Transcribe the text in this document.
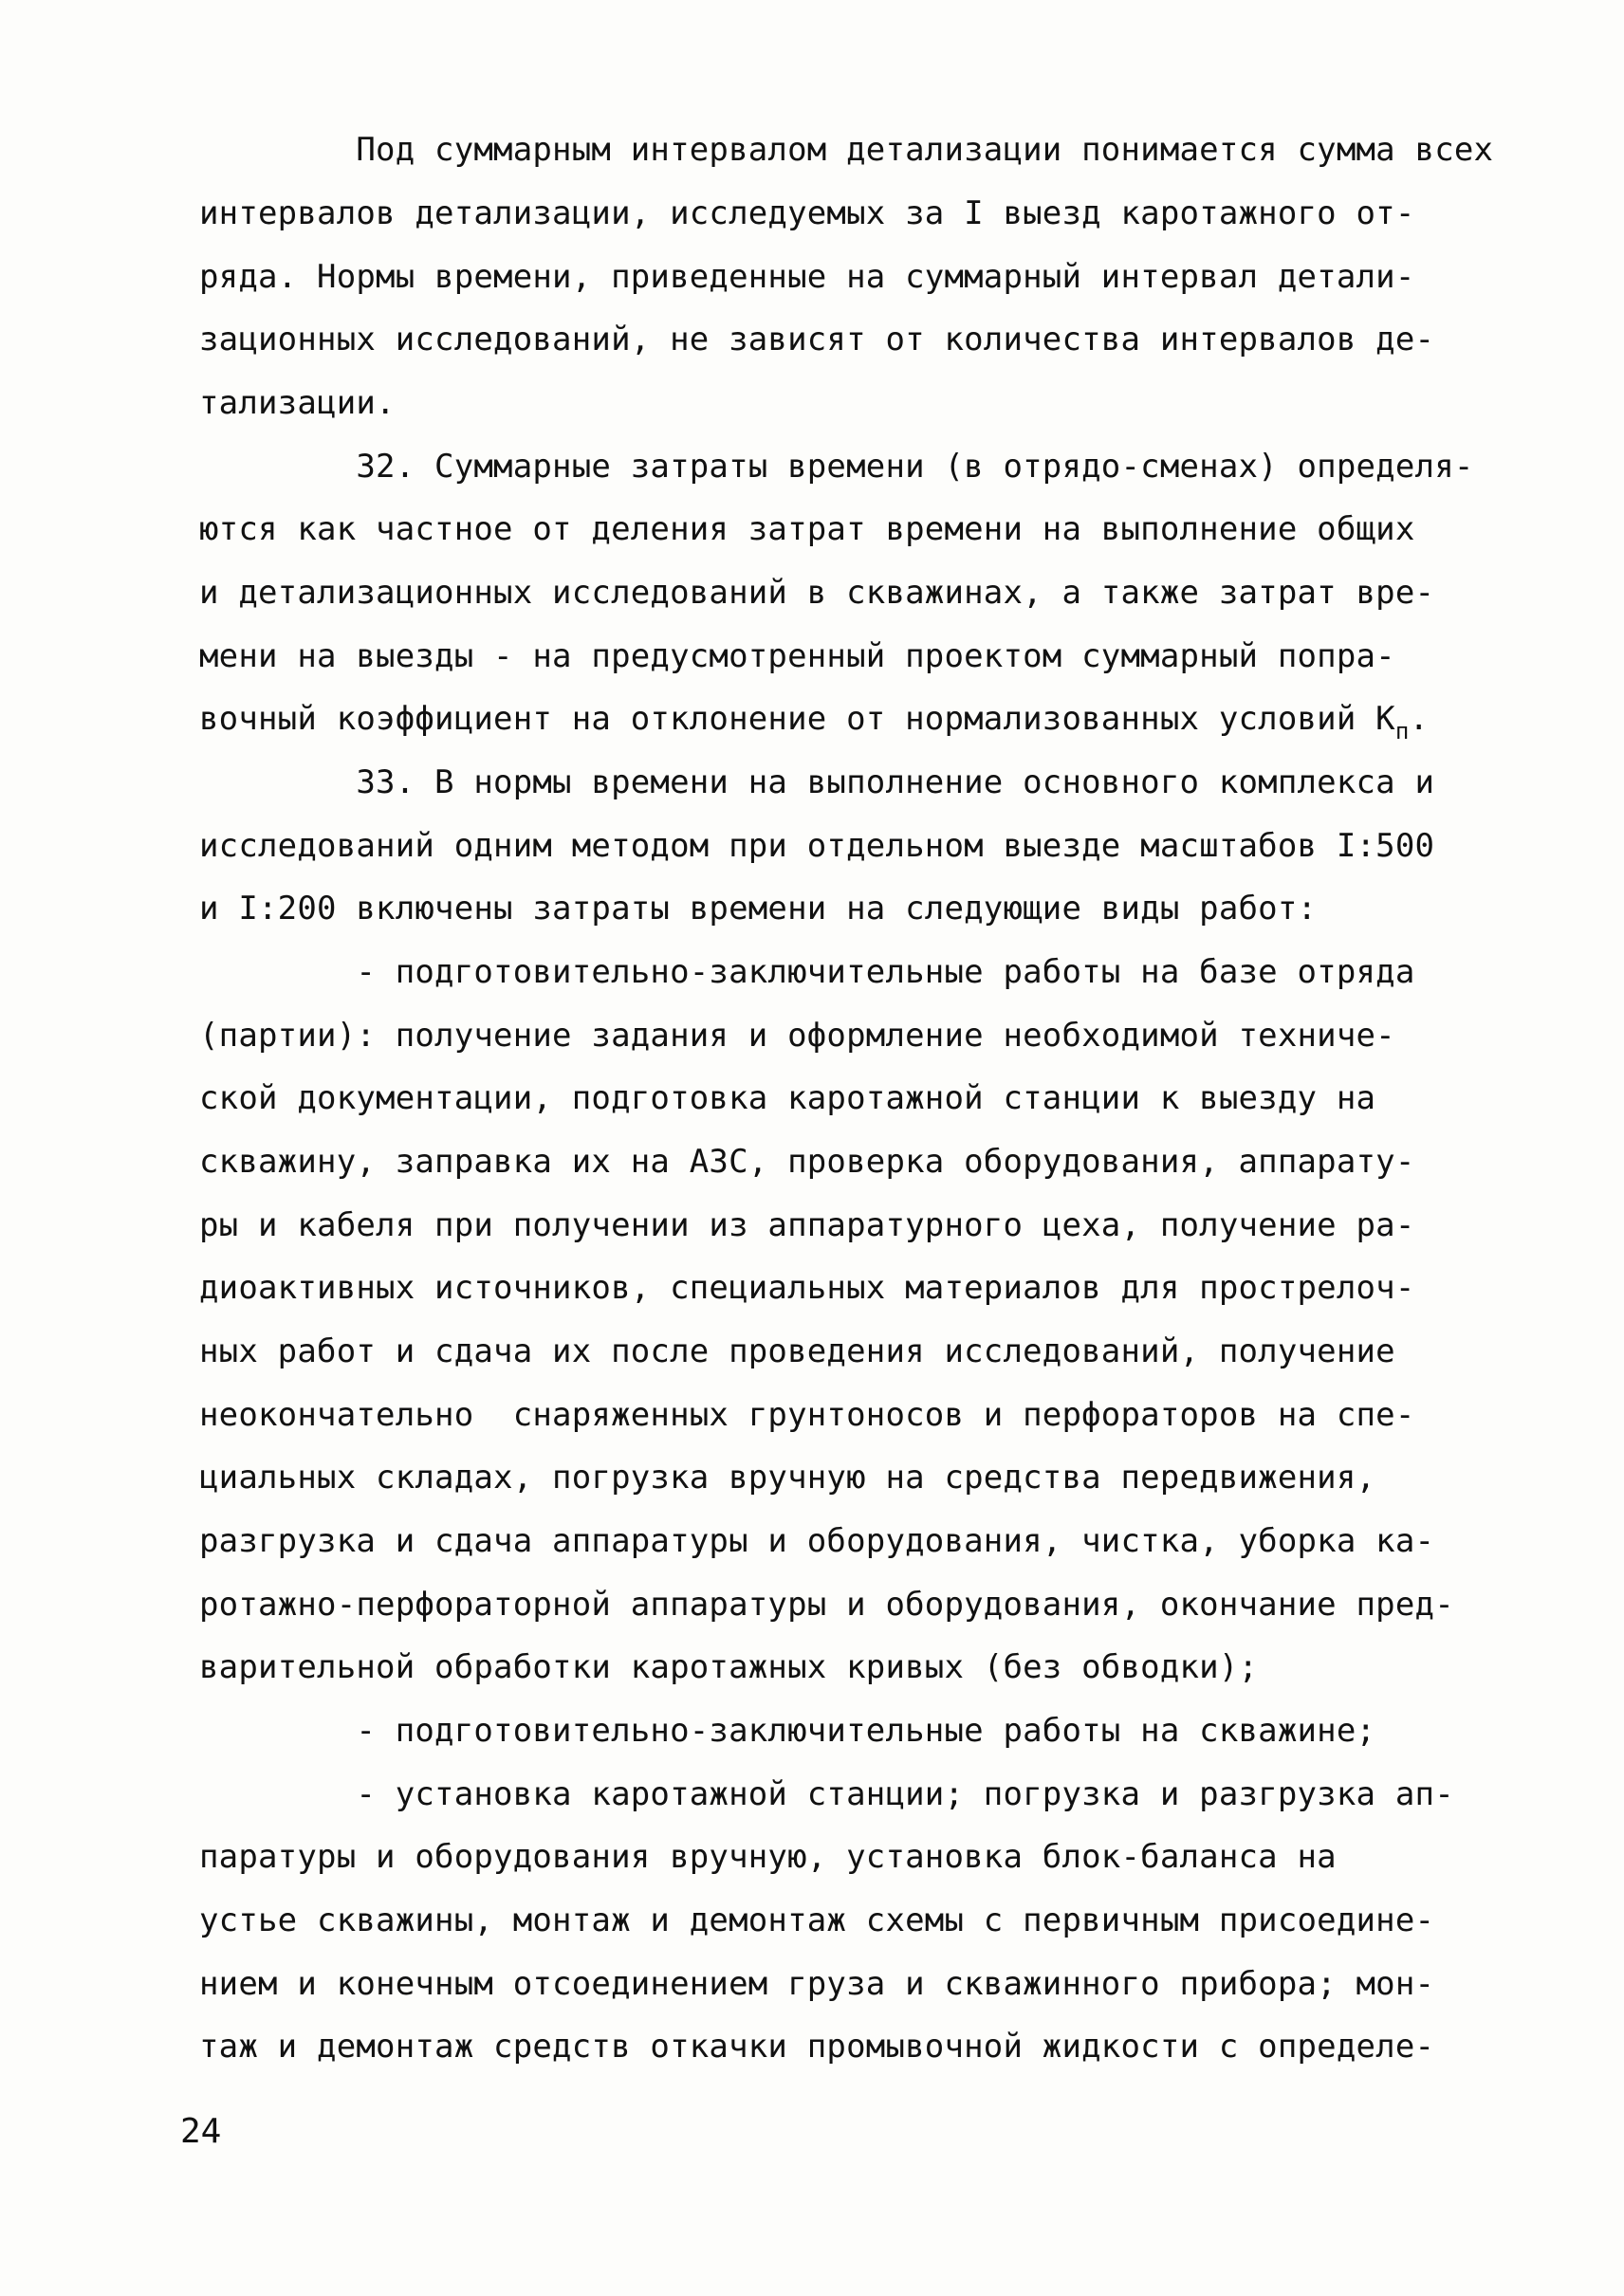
Под суммарным интервалом детализации понимается сумма всех
интервалов детализации, исследуемых за I выезд каротажного от-
ряда. Нормы времени, приведенные на суммарный интервал детали-
зационных исследований, не зависят от количества интервалов де-
тализации.
32. Суммарные затраты времени (в отрядо-сменах) определя-
ются как частное от деления затрат времени на выполнение общих
и детализационных исследований в скважинах, а также затрат вре-
мени на выезды - на предусмотренный проектом суммарный попра-
вочный коэффициент на отклонение от нормализованных условий $К_п$.
33. В нормы времени на выполнение основного комплекса и
исследований одним методом при отдельном выезде масштабов I:500
и I:200 включены затраты времени на следующие виды работ:
- подготовительно-заключительные работы на базе отряда
(партии): получение задания и оформление необходимой техниче-
ской документации, подготовка каротажной станции к выезду на
скважину, заправка их на АЗС, проверка оборудования, аппарату-
ры и кабеля при получении из аппаратурного цеха, получение ра-
диоактивных источников, специальных материалов для прострелоч-
ных работ и сдача их после проведения исследований, получение
неокончательно  снаряженных грунтоносов и перфораторов на спе-
циальных складах, погрузка вручную на средства передвижения,
разгрузка и сдача аппаратуры и оборудования, чистка, уборка ка-
ротажно-перфораторной аппаратуры и оборудования, окончание пред-
варительной обработки каротажных кривых (без обводки);
- подготовительно-заключительные работы на скважине;
- установка каротажной станции; погрузка и разгрузка ап-
паратуры и оборудования вручную, установка блок-баланса на
устье скважины, монтаж и демонтаж схемы с первичным присоедине-
нием и конечным отсоединением груза и скважинного прибора; мон-
таж и демонтаж средств откачки промывочной жидкости с определе-
24
